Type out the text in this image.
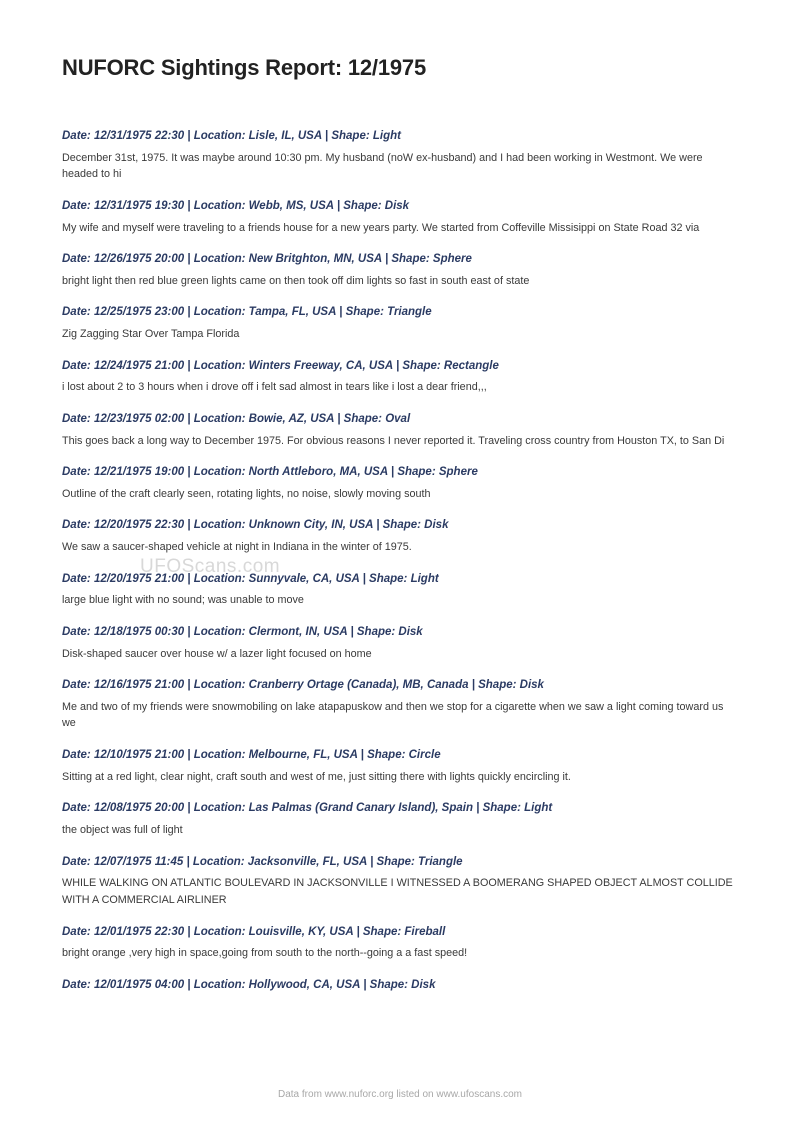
NUFORC Sightings Report: 12/1975

Date: 12/31/1975 22:30 | Location: Lisle, IL, USA | Shape: Light

December 31st, 1975. It was maybe around 10:30 pm. My husband (noW ex-husband) and I had been working in Westmont. We were headed to hi

Date: 12/31/1975 19:30 | Location: Webb, MS, USA | Shape: Disk

My wife and myself were traveling to a friends house for a new years party. We started from Coffeville Missisippi on State Road 32 via

Date: 12/26/1975 20:00 | Location: New Britghton, MN, USA | Shape: Sphere

bright light then red blue green lights came on then took off dim lights so fast in south east of state

Date: 12/25/1975 23:00 | Location: Tampa, FL, USA | Shape: Triangle

Zig Zagging Star Over Tampa Florida

Date: 12/24/1975 21:00 | Location: Winters Freeway, CA, USA | Shape: Rectangle

i lost about 2 to 3 hours when i drove off i felt sad almost in tears like i lost a dear friend,,,

Date: 12/23/1975 02:00 | Location: Bowie, AZ, USA | Shape: Oval

This goes back a long way to December 1975. For obvious reasons I never reported it. Traveling cross country from Houston TX, to San Di

Date: 12/21/1975 19:00 | Location: North Attleboro, MA, USA | Shape: Sphere

Outline of the craft clearly seen, rotating lights, no noise, slowly moving south

Date: 12/20/1975 22:30 | Location: Unknown City, IN, USA | Shape: Disk

We saw a saucer-shaped vehicle at night in Indiana in the winter of 1975.

Date: 12/20/1975 21:00 | Location: Sunnyvale, CA, USA | Shape: Light

large blue light with no sound; was unable to move

Date: 12/18/1975 00:30 | Location: Clermont, IN, USA | Shape: Disk

Disk-shaped saucer over house w/ a lazer light focused on home

Date: 12/16/1975 21:00 | Location: Cranberry Ortage (Canada), MB, Canada | Shape: Disk

Me and two of my friends were snowmobiling on lake atapapuskow and then we stop for a cigarette when we saw a light coming toward us we

Date: 12/10/1975 21:00 | Location: Melbourne, FL, USA | Shape: Circle

Sitting at a red light, clear night, craft south and west of me, just sitting there with lights quickly encircling it.

Date: 12/08/1975 20:00 | Location: Las Palmas (Grand Canary Island), Spain | Shape: Light

the object was full of light

Date: 12/07/1975 11:45 | Location: Jacksonville, FL, USA | Shape: Triangle

WHILE WALKING ON ATLANTIC BOULEVARD IN JACKSONVILLE I WITNESSED A BOOMERANG SHAPED OBJECT ALMOST COLLIDE WITH A COMMERCIAL AIRLINER

Date: 12/01/1975 22:30 | Location: Louisville, KY, USA | Shape: Fireball

bright orange ,very high in space,going from south to the north--going a a fast speed!

Date: 12/01/1975 04:00 | Location: Hollywood, CA, USA | Shape: Disk

UFOScans.com
Data from www.nuforc.org listed on www.ufoscans.com
